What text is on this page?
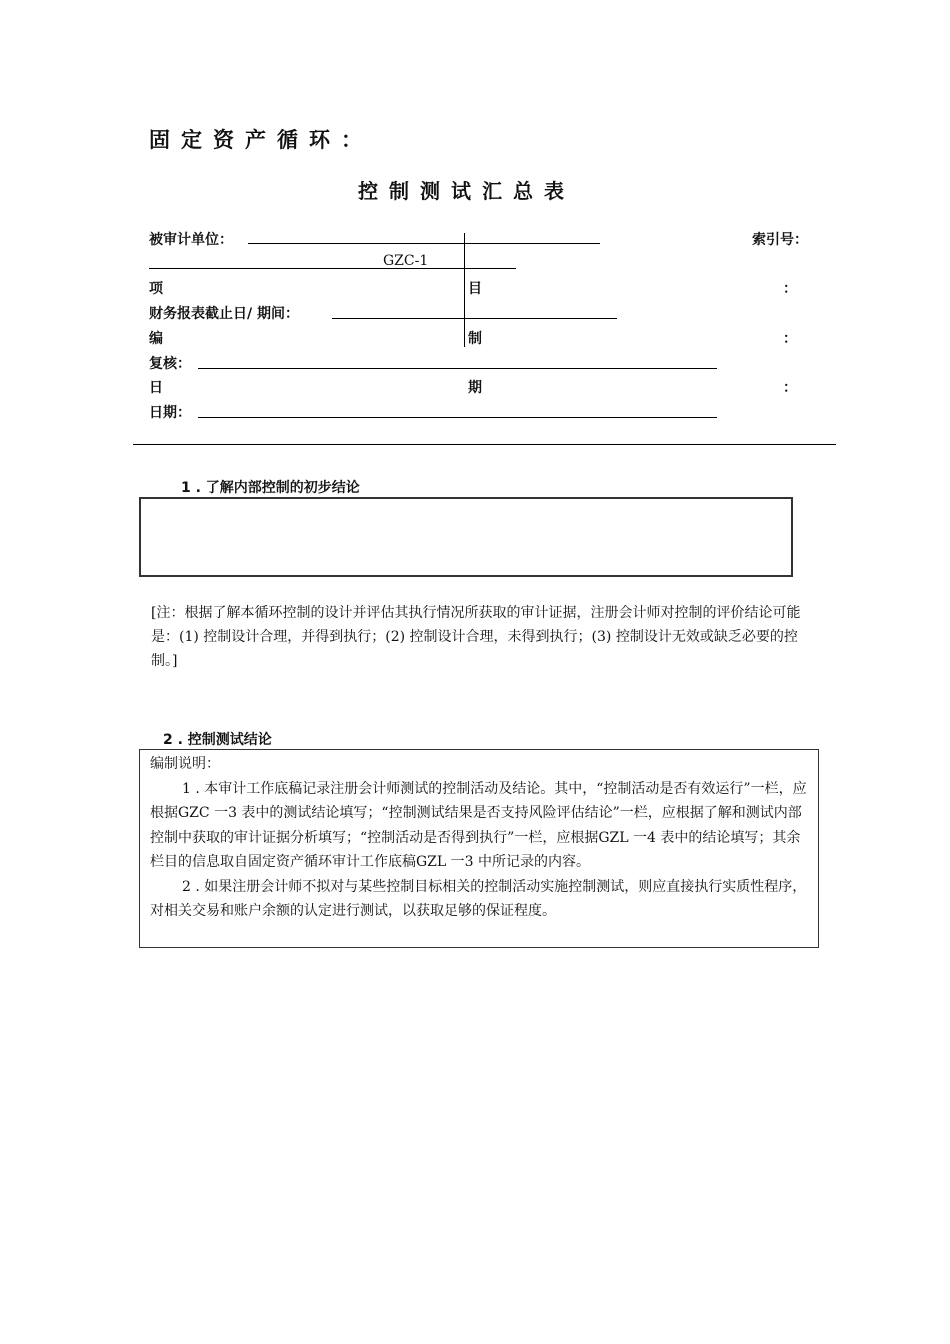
固定资产循环：
控制测试汇总表
被审计单位：	索引号：
GZC-1
项	目	：
财务报表截止日/ 期间：
编	制	：
复核：
日	期	：
日期：
1 . 了解内部控制的初步结论
[注：根据了解本循环控制的设计并评估其执行情况所获取的审计证据，注册会计师对控制的评价结论可能是：(1) 控制设计合理，并得到执行；(2) 控制设计合理，未得到执行；(3) 控制设计无效或缺乏必要的控制。]
2 . 控制测试结论

编制说明：

1 . 本审计工作底稿记录注册会计师测试的控制活动及结论。其中，“控制活动是否有效运行”一栏，应根据GZC 一3 表中的测试结论填写；“控制测试结果是否支持风险评估结论”一栏，应根据了解和测试内部控制中获取的审计证据分析填写；“控制活动是否得到执行”一栏，应根据GZL 一4 表中的结论填写；其余栏目的信息取自固定资产循环审计工作底稿GZL 一3 中所记录的内容。

2 . 如果注册会计师不拟对与某些控制目标相关的控制活动实施控制测试，则应直接执行实质性程序，对相关交易和账户余额的认定进行测试，以获取足够的保证程度。
